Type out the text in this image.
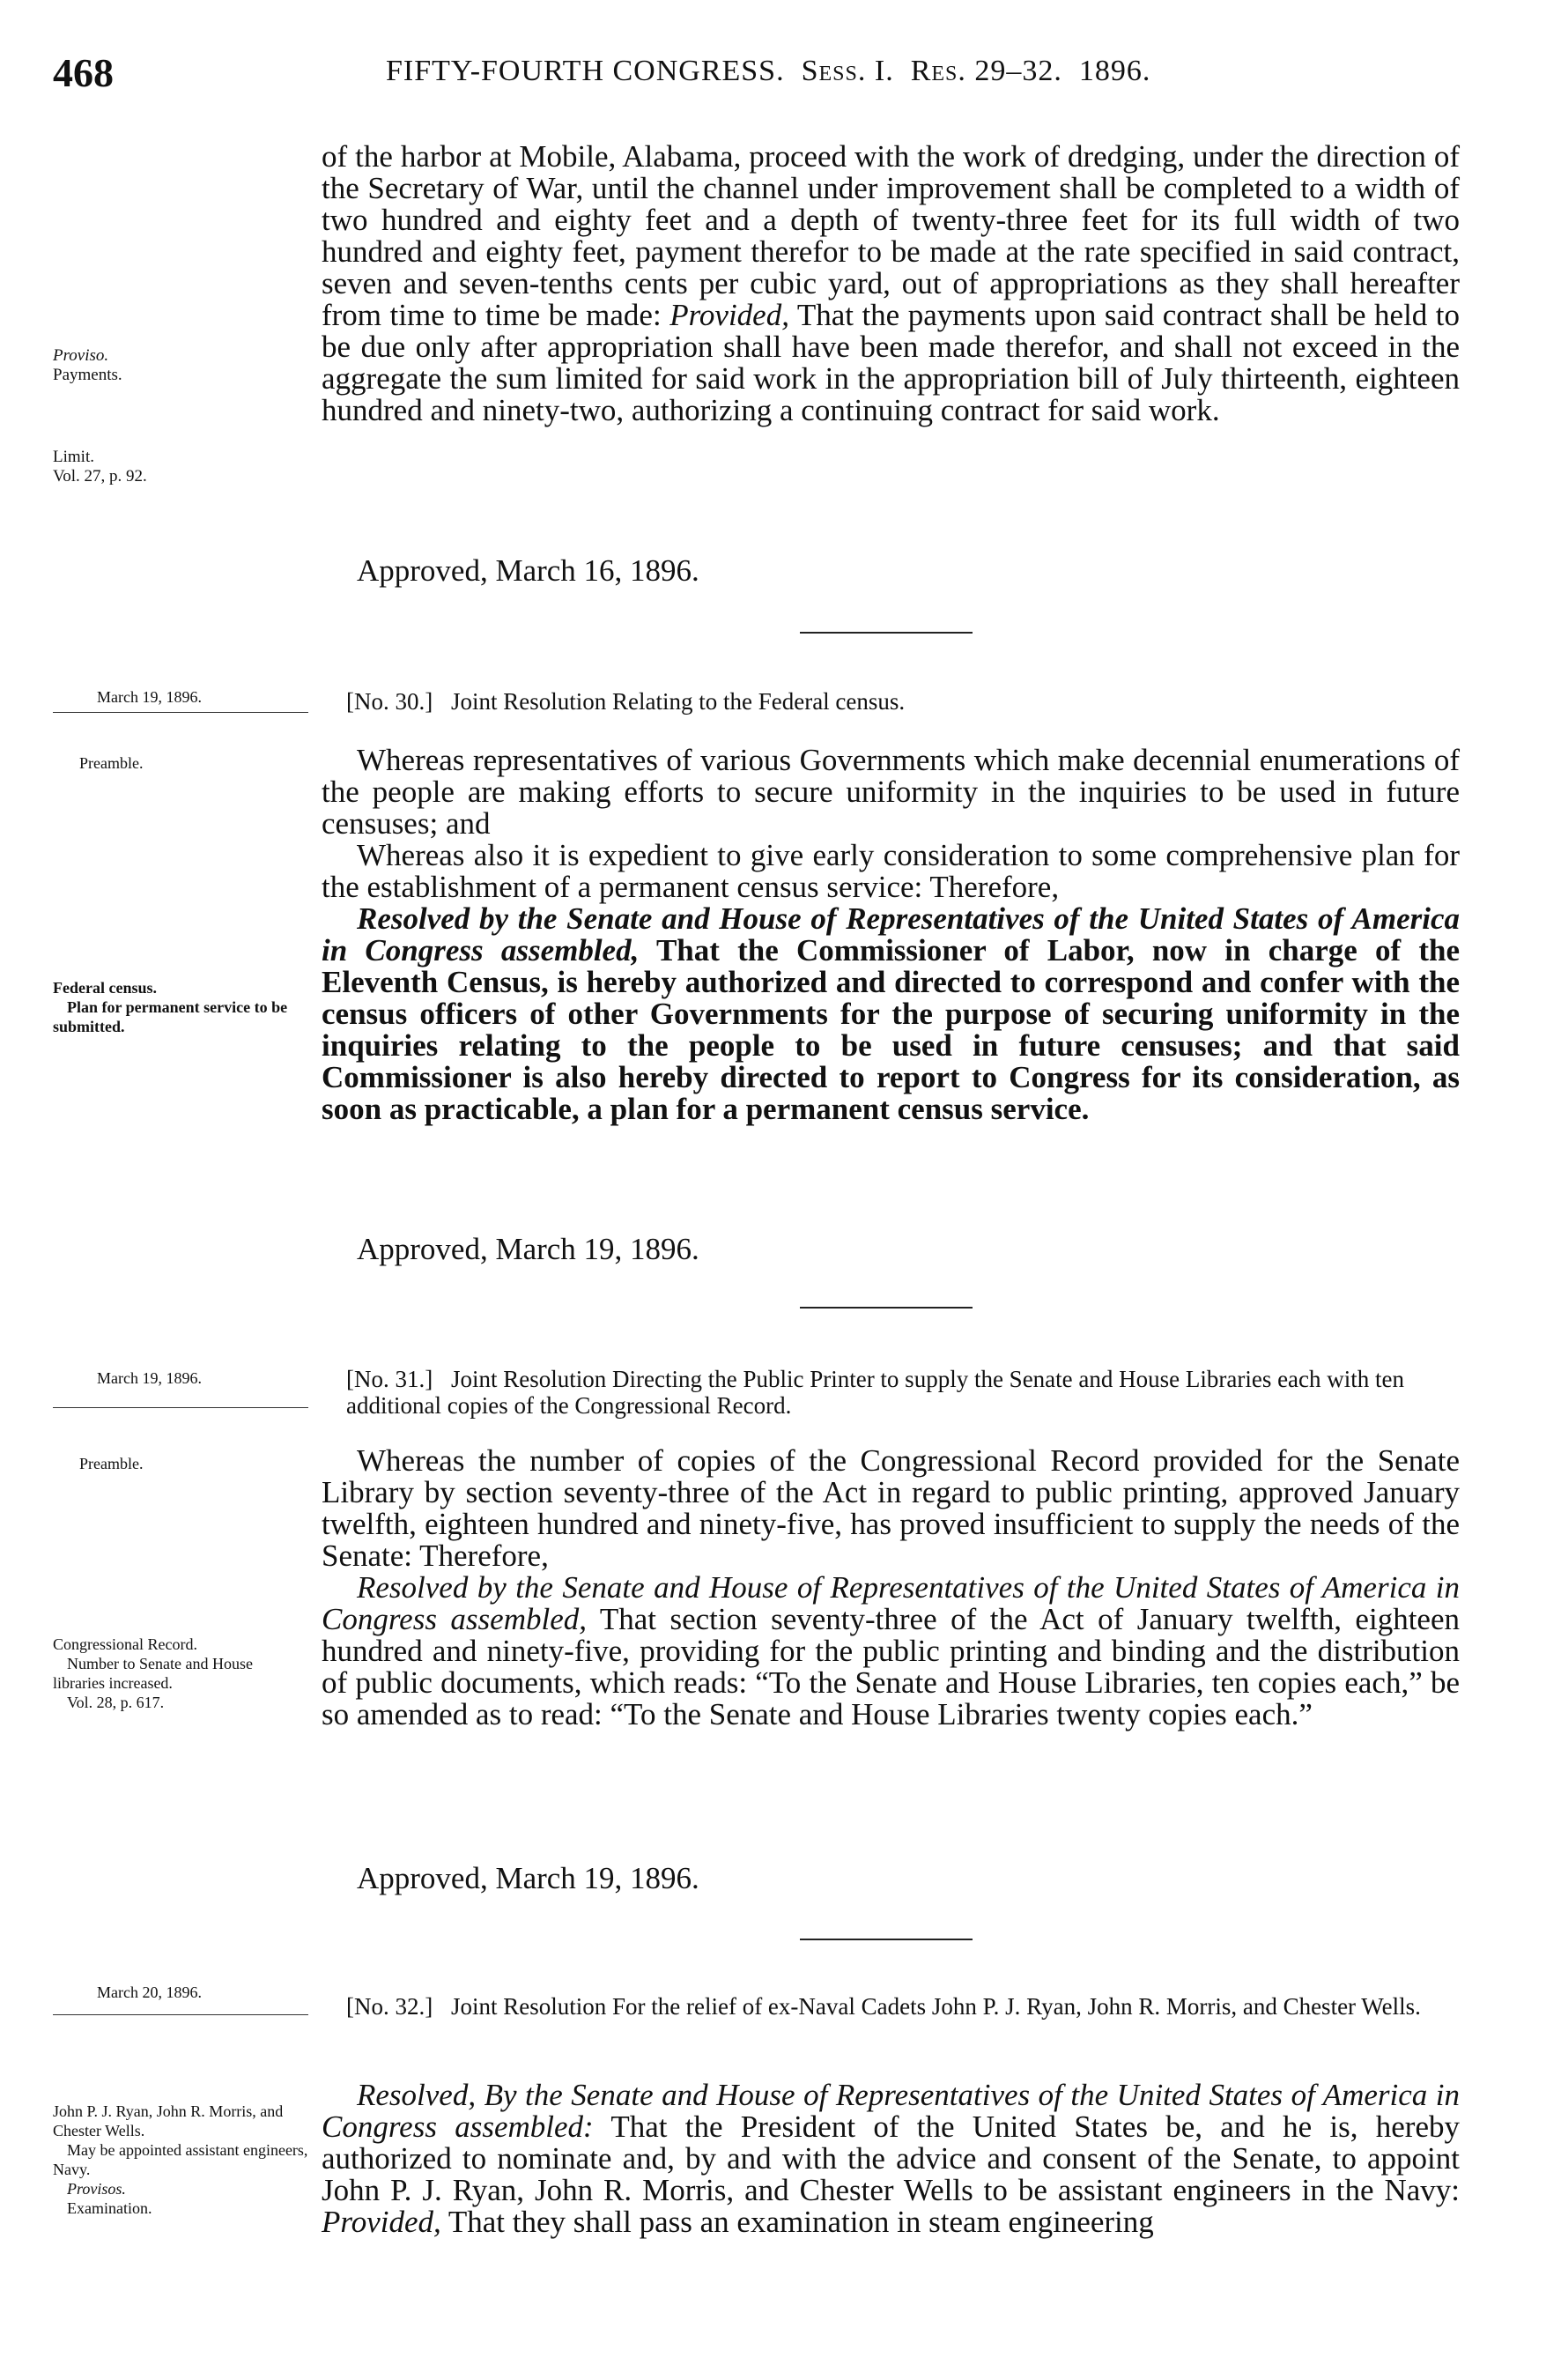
468	FIFTY-FOURTH CONGRESS. Sess. I. Res. 29–32. 1896.
Proviso.
Payments.
Limit.
Vol. 27, p. 92.
of the harbor at Mobile, Alabama, proceed with the work of dredging, under the direction of the Secretary of War, until the channel under improvement shall be completed to a width of two hundred and eighty feet and a depth of twenty-three feet for its full width of two hundred and eighty feet, payment therefor to be made at the rate specified in said contract, seven and seven-tenths cents per cubic yard, out of appropriations as they shall hereafter from time to time be made: Provided, That the payments upon said contract shall be held to be due only after appropriation shall have been made therefor, and shall not exceed in the aggregate the sum limited for said work in the appropriation bill of July thirteenth, eighteen hundred and ninety-two, authorizing a continuing contract for said work.
Approved, March 16, 1896.
March 19, 1896.	[No. 30.] Joint Resolution Relating to the Federal census.
Preamble.	Whereas representatives of various Governments which make decennial enumerations of the people are making efforts to secure uniformity in the inquiries to be used in future censuses; and
Whereas also it is expedient to give early consideration to some comprehensive plan for the establishment of a permanent census service: Therefore,
Resolved by the Senate and House of Representatives of the United States of America in Congress assembled, That the Commissioner of Labor, now in charge of the Eleventh Census, is hereby authorized and directed to correspond and confer with the census officers of other Governments for the purpose of securing uniformity in the inquiries relating to the people to be used in future censuses; and that said Commissioner is also hereby directed to report to Congress for its consideration, as soon as practicable, a plan for a permanent census service.
Federal census.
Plan for permanent service to be submitted.
Approved, March 19, 1896.
March 19, 1896.	[No. 31.] Joint Resolution Directing the Public Printer to supply the Senate and House Libraries each with ten additional copies of the Congressional Record.
Preamble.	Whereas the number of copies of the Congressional Record provided for the Senate Library by section seventy-three of the Act in regard to public printing, approved January twelfth, eighteen hundred and ninety-five, has proved insufficient to supply the needs of the Senate: Therefore,
Resolved by the Senate and House of Representatives of the United States of America in Congress assembled, That section seventy-three of the Act of January twelfth, eighteen hundred and ninety-five, providing for the public printing and binding and the distribution of public documents, which reads: “To the Senate and House Libraries, ten copies each,” be so amended as to read: “To the Senate and House Libraries twenty copies each.”
Congressional Record.
Number to Senate and House libraries increased.
Vol. 28, p. 617.
Approved, March 19, 1896.
March 20, 1896.
[No. 32.] Joint Resolution For the relief of ex-Naval Cadets John P. J. Ryan, John R. Morris, and Chester Wells.
Resolved, By the Senate and House of Representatives of the United States of America in Congress assembled: That the President of the United States be, and he is, hereby authorized to nominate and, by and with the advice and consent of the Senate, to appoint John P. J. Ryan, John R. Morris, and Chester Wells to be assistant engineers in the Navy: Provided, That they shall pass an examination in steam engineering
John P. J. Ryan, John R. Morris, and Chester Wells.
May be appointed assistant engineers, Navy.
Provisos.
Examination.
